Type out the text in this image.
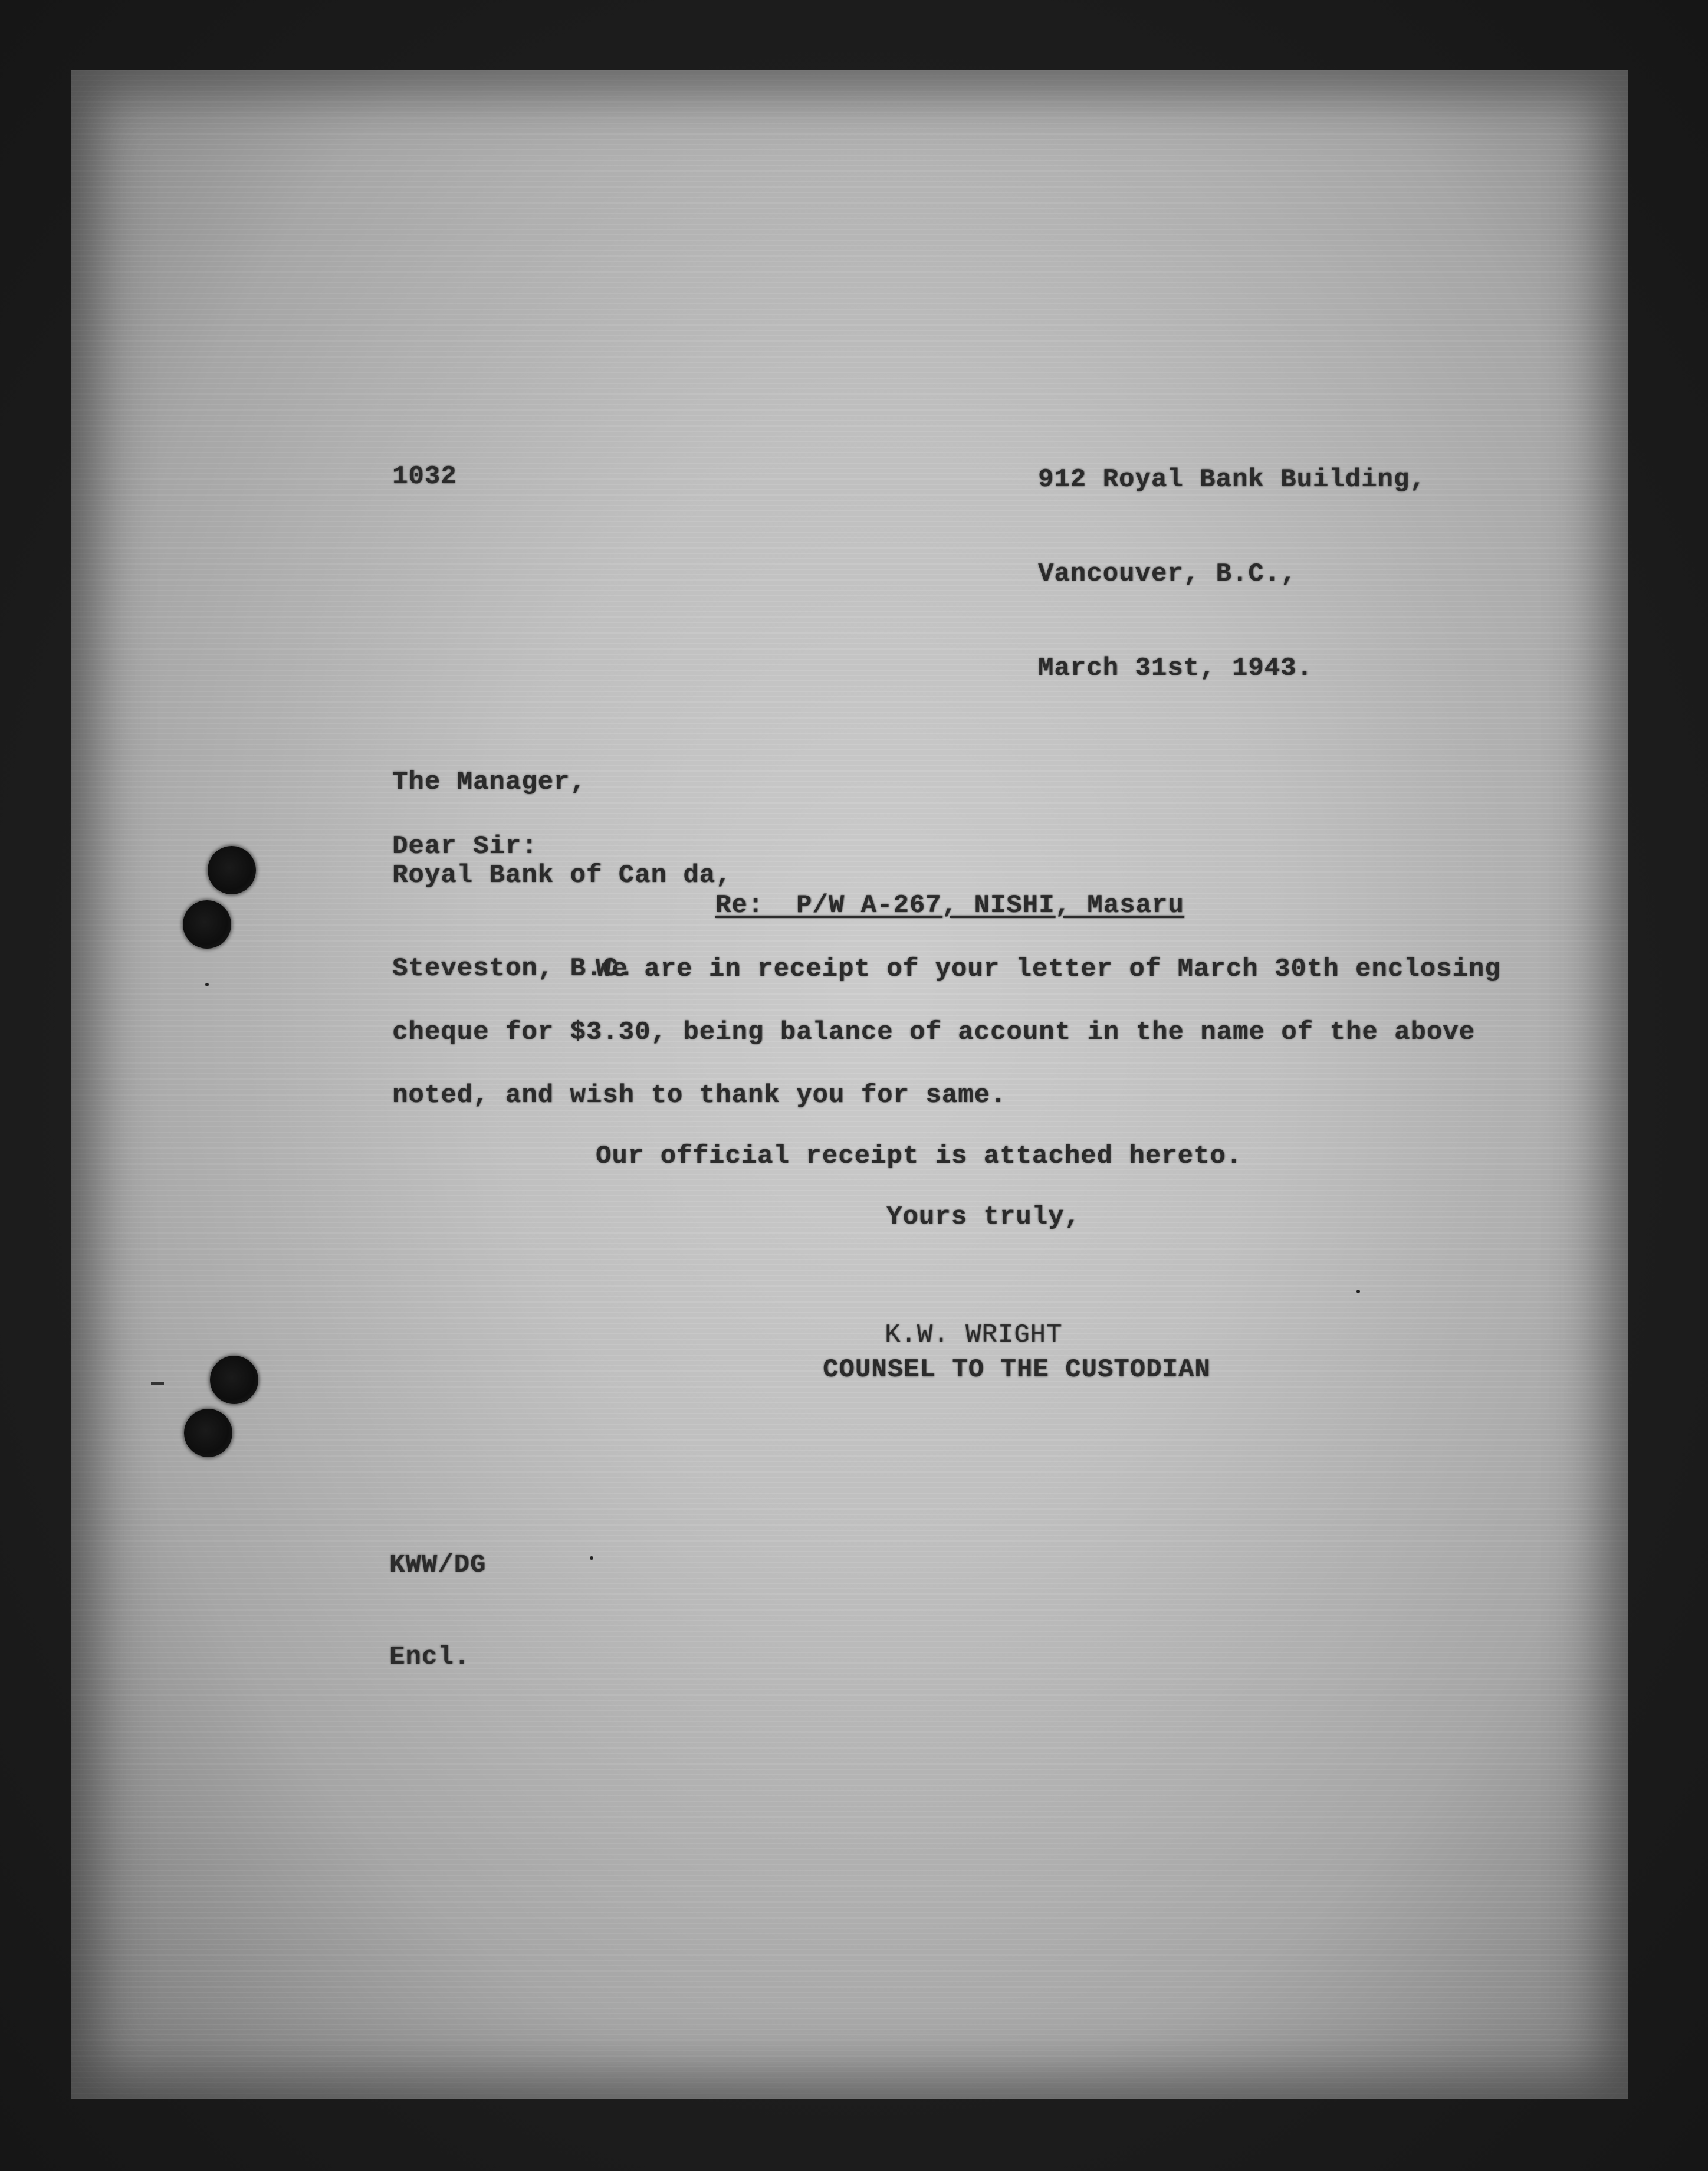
912 Royal Bank Building,

Vancouver, B.C.,

March 31st, 1943.

1032

The Manager,

Royal Bank of Can da,

Steveston, B.C.

Dear Sir:
Re:  P/W A-267, NISHI, Masaru
We are in receipt of your letter of March 30th enclosing
cheque for $3.30, being balance of account in the name of the above
noted, and wish to thank you for same.
Our official receipt is attached hereto.
Yours truly,
K.W. WRIGHT
COUNSEL TO THE CUSTODIAN

KWW/DG

Encl.
